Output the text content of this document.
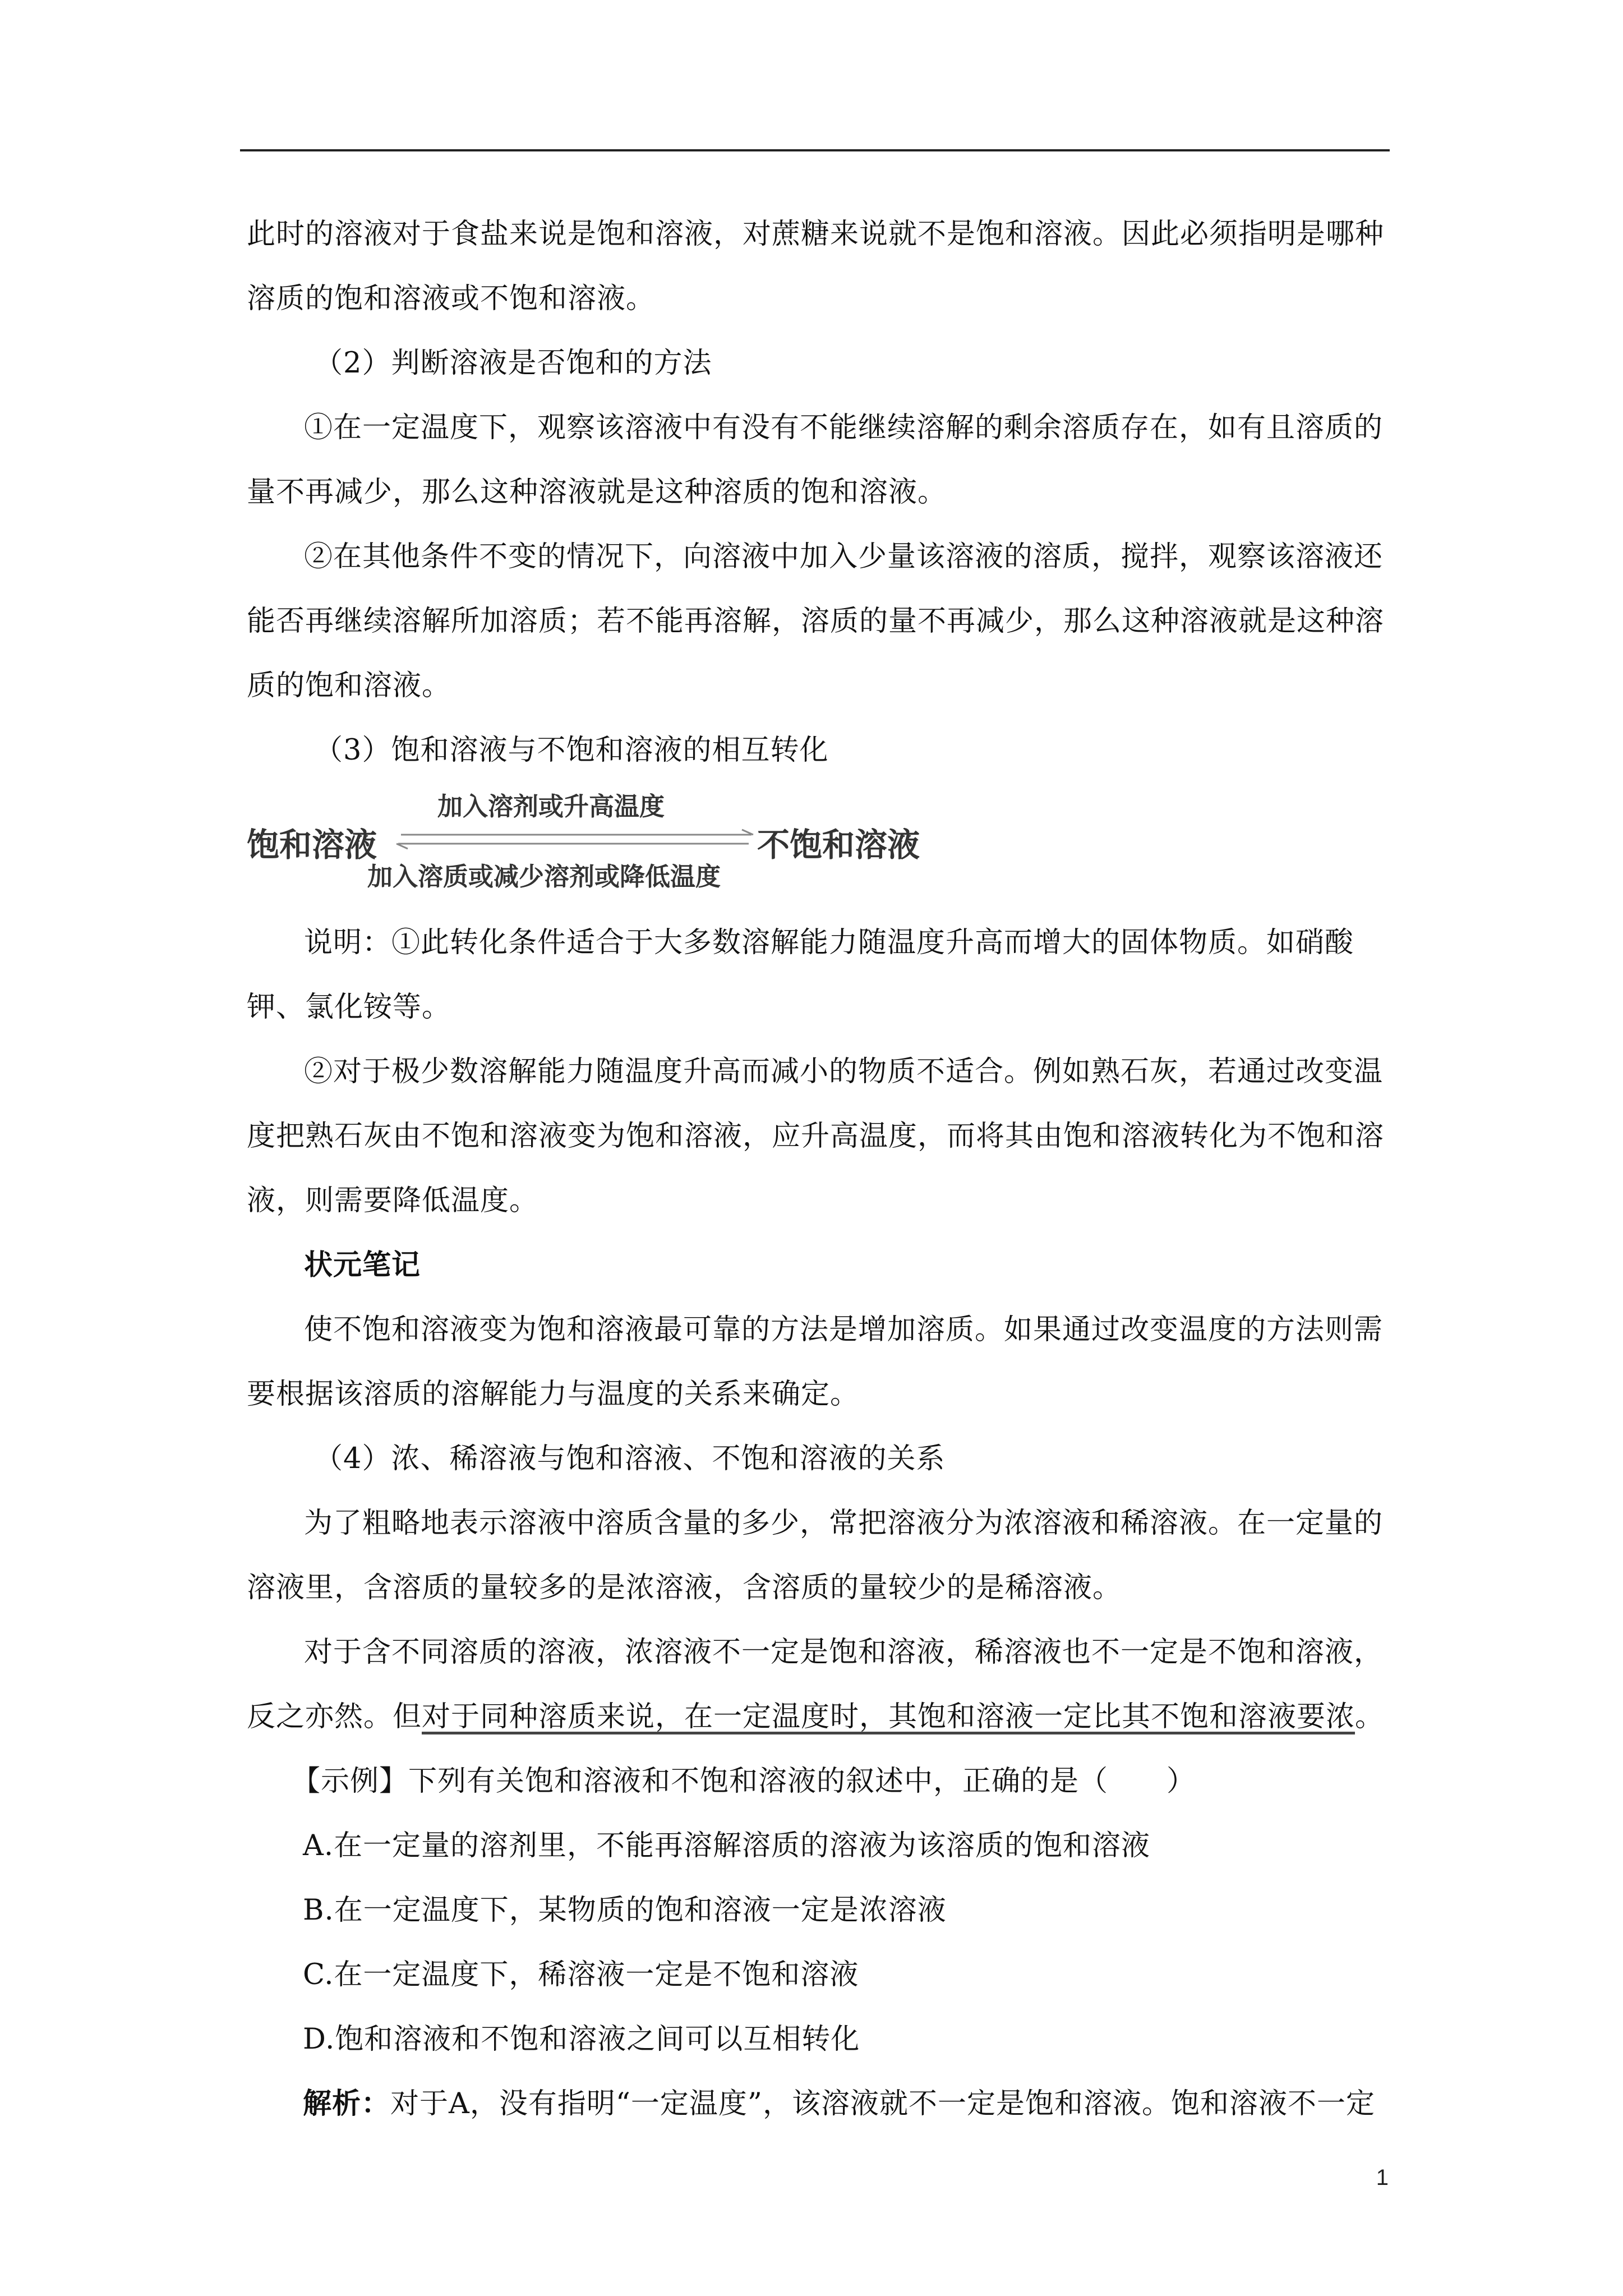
此时的溶液对于食盐来说是饱和溶液，对蔗糖来说就不是饱和溶液。因此必须指明是哪种溶质的饱和溶液或不饱和溶液。

（2）判断溶液是否饱和的方法

①在一定温度下，观察该溶液中有没有不能继续溶解的剩余溶质存在，如有且溶质的量不再减少，那么这种溶液就是这种溶质的饱和溶液。

②在其他条件不变的情况下，向溶液中加入少量该溶液的溶质，搅拌，观察该溶液还能否再继续溶解所加溶质；若不能再溶解，溶质的量不再减少，那么这种溶液就是这种溶质的饱和溶液。

（3）饱和溶液与不饱和溶液的相互转化

饱和溶液
加入溶剂或升高温度
不饱和溶液
加入溶质或减少溶剂或降低温度

说明：①此转化条件适合于大多数溶解能力随温度升高而增大的固体物质。如硝酸钾、氯化铵等。

②对于极少数溶解能力随温度升高而减小的物质不适合。例如熟石灰，若通过改变温度把熟石灰由不饱和溶液变为饱和溶液，应升高温度，而将其由饱和溶液转化为不饱和溶液，则需要降低温度。

状元笔记

使不饱和溶液变为饱和溶液最可靠的方法是增加溶质。如果通过改变温度的方法则需要根据该溶质的溶解能力与温度的关系来确定。

（4）浓、稀溶液与饱和溶液、不饱和溶液的关系

为了粗略地表示溶液中溶质含量的多少，常把溶液分为浓溶液和稀溶液。在一定量的溶液里，含溶质的量较多的是浓溶液，含溶质的量较少的是稀溶液。

对于含不同溶质的溶液，浓溶液不一定是饱和溶液，稀溶液也不一定是不饱和溶液，反之亦然。但对于同种溶质来说，在一定温度时，其饱和溶液一定比其不饱和溶液要浓。

【示例】下列有关饱和溶液和不饱和溶液的叙述中，正确的是（　　）

A.在一定量的溶剂里，不能再溶解溶质的溶液为该溶质的饱和溶液

B.在一定温度下，某物质的饱和溶液一定是浓溶液

C.在一定温度下，稀溶液一定是不饱和溶液

D.饱和溶液和不饱和溶液之间可以互相转化

解析：对于A，没有指明“一定温度”，该溶液就不一定是饱和溶液。饱和溶液不一定

1
